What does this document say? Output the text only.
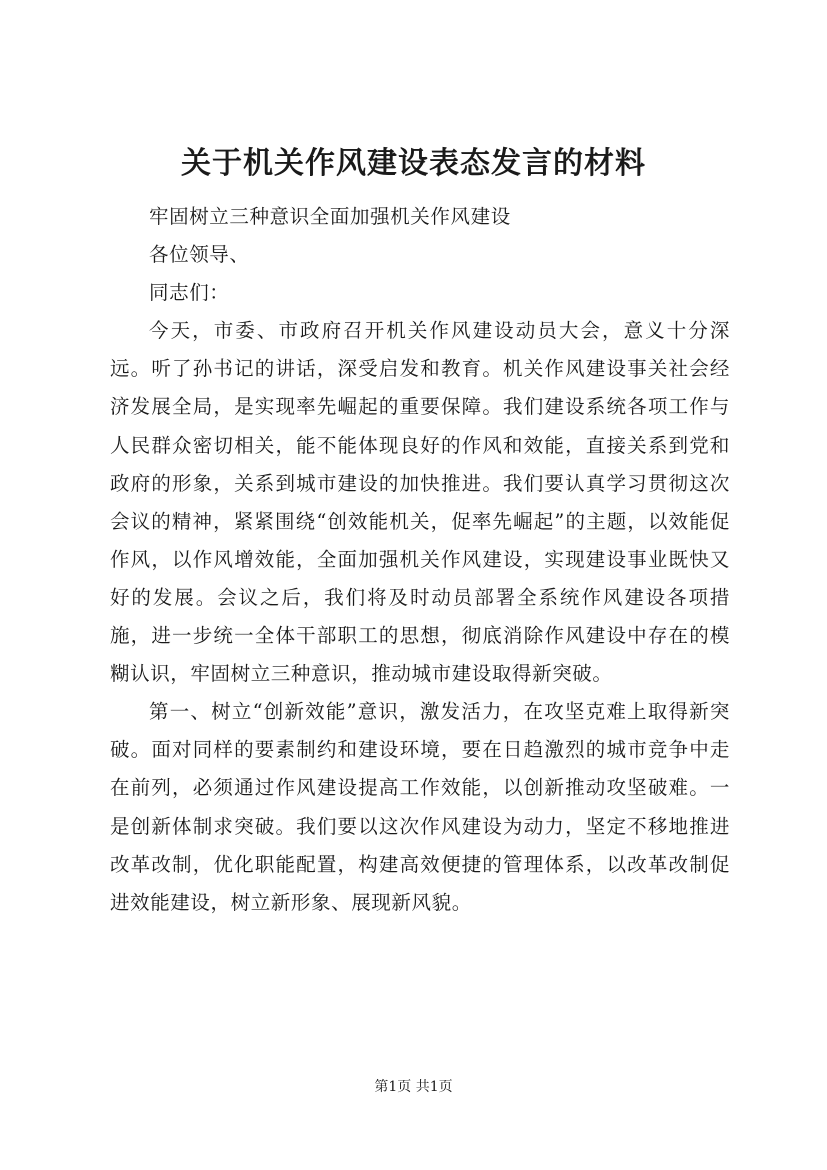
关于机关作风建设表态发言的材料

牢固树立三种意识全面加强机关作风建设

各位领导、

同志们：

今天，市委、市政府召开机关作风建设动员大会，意义十分深远。听了孙书记的讲话，深受启发和教育。机关作风建设事关社会经济发展全局，是实现率先崛起的重要保障。我们建设系统各项工作与人民群众密切相关，能不能体现良好的作风和效能，直接关系到党和政府的形象，关系到城市建设的加快推进。我们要认真学习贯彻这次会议的精神，紧紧围绕“创效能机关，促率先崛起”的主题，以效能促作风，以作风增效能，全面加强机关作风建设，实现建设事业既快又好的发展。会议之后，我们将及时动员部署全系统作风建设各项措施，进一步统一全体干部职工的思想，彻底消除作风建设中存在的模糊认识，牢固树立三种意识，推动城市建设取得新突破。

第一、树立“创新效能”意识，激发活力，在攻坚克难上取得新突破。面对同样的要素制约和建设环境，要在日趋激烈的城市竞争中走在前列，必须通过作风建设提高工作效能，以创新推动攻坚破难。一是创新体制求突破。我们要以这次作风建设为动力，坚定不移地推进改革改制，优化职能配置，构建高效便捷的管理体系，以改革改制促进效能建设，树立新形象、展现新风貌。

第1页 共1页
